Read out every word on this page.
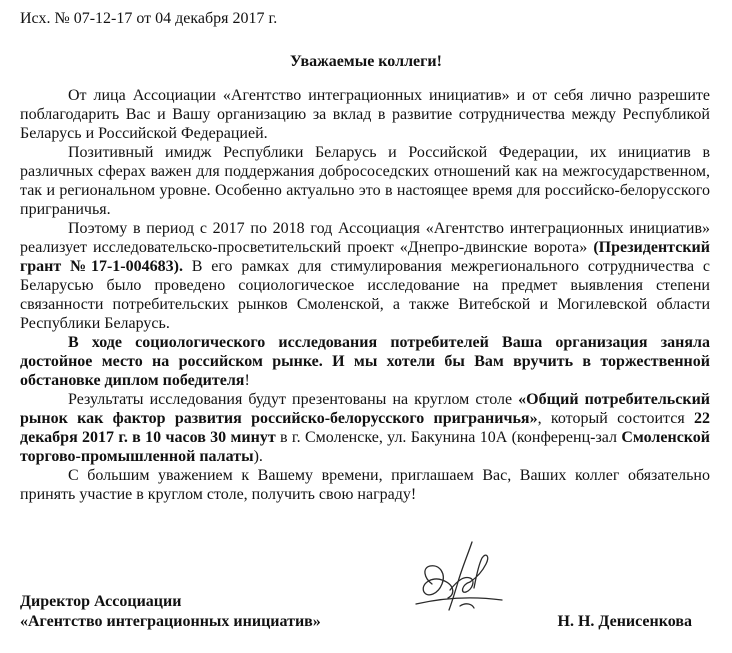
Исх. № 07-12-17 от 04 декабря 2017 г.
Уважаемые коллеги!

От лица Ассоциации «Агентство интеграционных инициатив» и от себя лично разрешите поблагодарить Вас и Вашу организацию за вклад в развитие сотрудничества между Республикой Беларусь и Российской Федерацией.

Позитивный имидж Республики Беларусь и Российской Федерации, их инициатив в различных сферах важен для поддержания добрососедских отношений как на межгосударственном, так и региональном уровне. Особенно актуально это в настоящее время для российско-белорусского приграничья.

Поэтому в период с 2017 по 2018 год Ассоциация «Агентство интеграционных инициатив» реализует исследовательско-просветительский проект «Днепро-двинские ворота» (Президентский грант №17-1-004683). В его рамках для стимулирования межрегионального сотрудничества с Беларусью было проведено социологическое исследование на предмет выявления степени связанности потребительских рынков Смоленской, а также Витебской и Могилевской области Республики Беларусь.

В ходе социологического исследования потребителей Ваша организация заняла достойное место на российском рынке. И мы хотели бы Вам вручить в торжественной обстановке диплом победителя!

Результаты исследования будут презентованы на круглом столе «Общий потребительский рынок как фактор развития российско-белорусского приграничья», который состоится 22 декабря 2017 г. в 10 часов 30 минут в г. Смоленске, ул. Бакунина 10А (конференц-зал Смоленской торгово-промышленной палаты).

С большим уважением к Вашему времени, приглашаем Вас, Ваших коллег обязательно принять участие в круглом столе, получить свою награду!

Директор Ассоциации
«Агентство интеграционных инициатив»	Н. Н. Денисенкова
